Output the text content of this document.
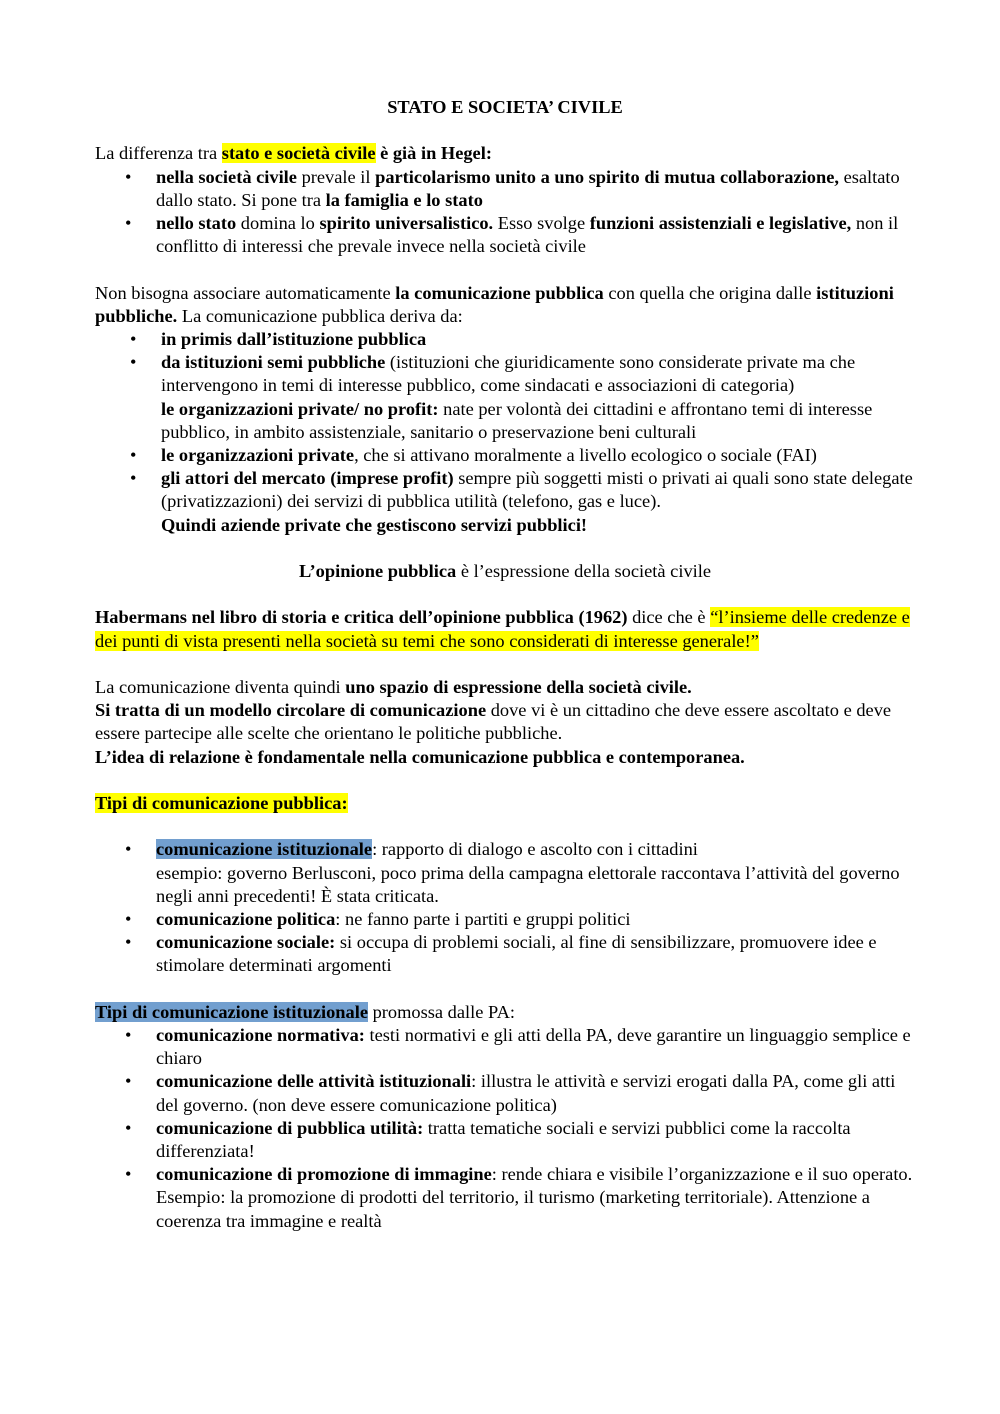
STATO E SOCIETA’ CIVILE

La differenza tra stato e società civile è già in Hegel:

• nella società civile prevale il particolarismo unito a uno spirito di mutua collaborazione, esaltato dallo stato. Si pone tra la famiglia e lo stato
• nello stato domina lo spirito universalistico. Esso svolge funzioni assistenziali e legislative, non il conflitto di interessi che prevale invece nella società civile

Non bisogna associare automaticamente la comunicazione pubblica con quella che origina dalle istituzioni pubbliche. La comunicazione pubblica deriva da:

• in primis dall’istituzione pubblica
• da istituzioni semi pubbliche (istituzioni che giuridicamente sono considerate private ma che intervengono in temi di interesse pubblico, come sindacati e associazioni di categoria)
le organizzazioni private/ no profit: nate per volontà dei cittadini e affrontano temi di interesse pubblico, in ambito assistenziale, sanitario o preservazione beni culturali
• le organizzazioni private, che si attivano moralmente a livello ecologico o sociale (FAI)
• gli attori del mercato (imprese profit) sempre più soggetti misti o privati ai quali sono state delegate (privatizzazioni) dei servizi di pubblica utilità (telefono, gas e luce).
Quindi aziende private che gestiscono servizi pubblici!

L’opinione pubblica è l’espressione della società civile

Habermans nel libro di storia e critica dell’opinione pubblica (1962) dice che è “l’insieme delle credenze e dei punti di vista presenti nella società su temi che sono considerati di interesse generale!”

La comunicazione diventa quindi uno spazio di espressione della società civile.
Si tratta di un modello circolare di comunicazione dove vi è un cittadino che deve essere ascoltato e deve essere partecipe alle scelte che orientano le politiche pubbliche.
L’idea di relazione è fondamentale nella comunicazione pubblica e contemporanea.

Tipi di comunicazione pubblica:

• comunicazione istituzionale: rapporto di dialogo e ascolto con i cittadini
esempio: governo Berlusconi, poco prima della campagna elettorale raccontava l’attività del governo negli anni precedenti! È stata criticata.
• comunicazione politica: ne fanno parte i partiti e gruppi politici
• comunicazione sociale: si occupa di problemi sociali, al fine di sensibilizzare, promuovere idee e stimolare determinati argomenti

Tipi di comunicazione istituzionale promossa dalle PA:

• comunicazione normativa: testi normativi e gli atti della PA, deve garantire un linguaggio semplice e chiaro
• comunicazione delle attività istituzionali: illustra le attività e servizi erogati dalla PA, come gli atti del governo. (non deve essere comunicazione politica)
• comunicazione di pubblica utilità: tratta tematiche sociali e servizi pubblici come la raccolta differenziata!
• comunicazione di promozione di immagine: rende chiara e visibile l’organizzazione e il suo operato. Esempio: la promozione di prodotti del territorio, il turismo (marketing territoriale). Attenzione a coerenza tra immagine e realtà
